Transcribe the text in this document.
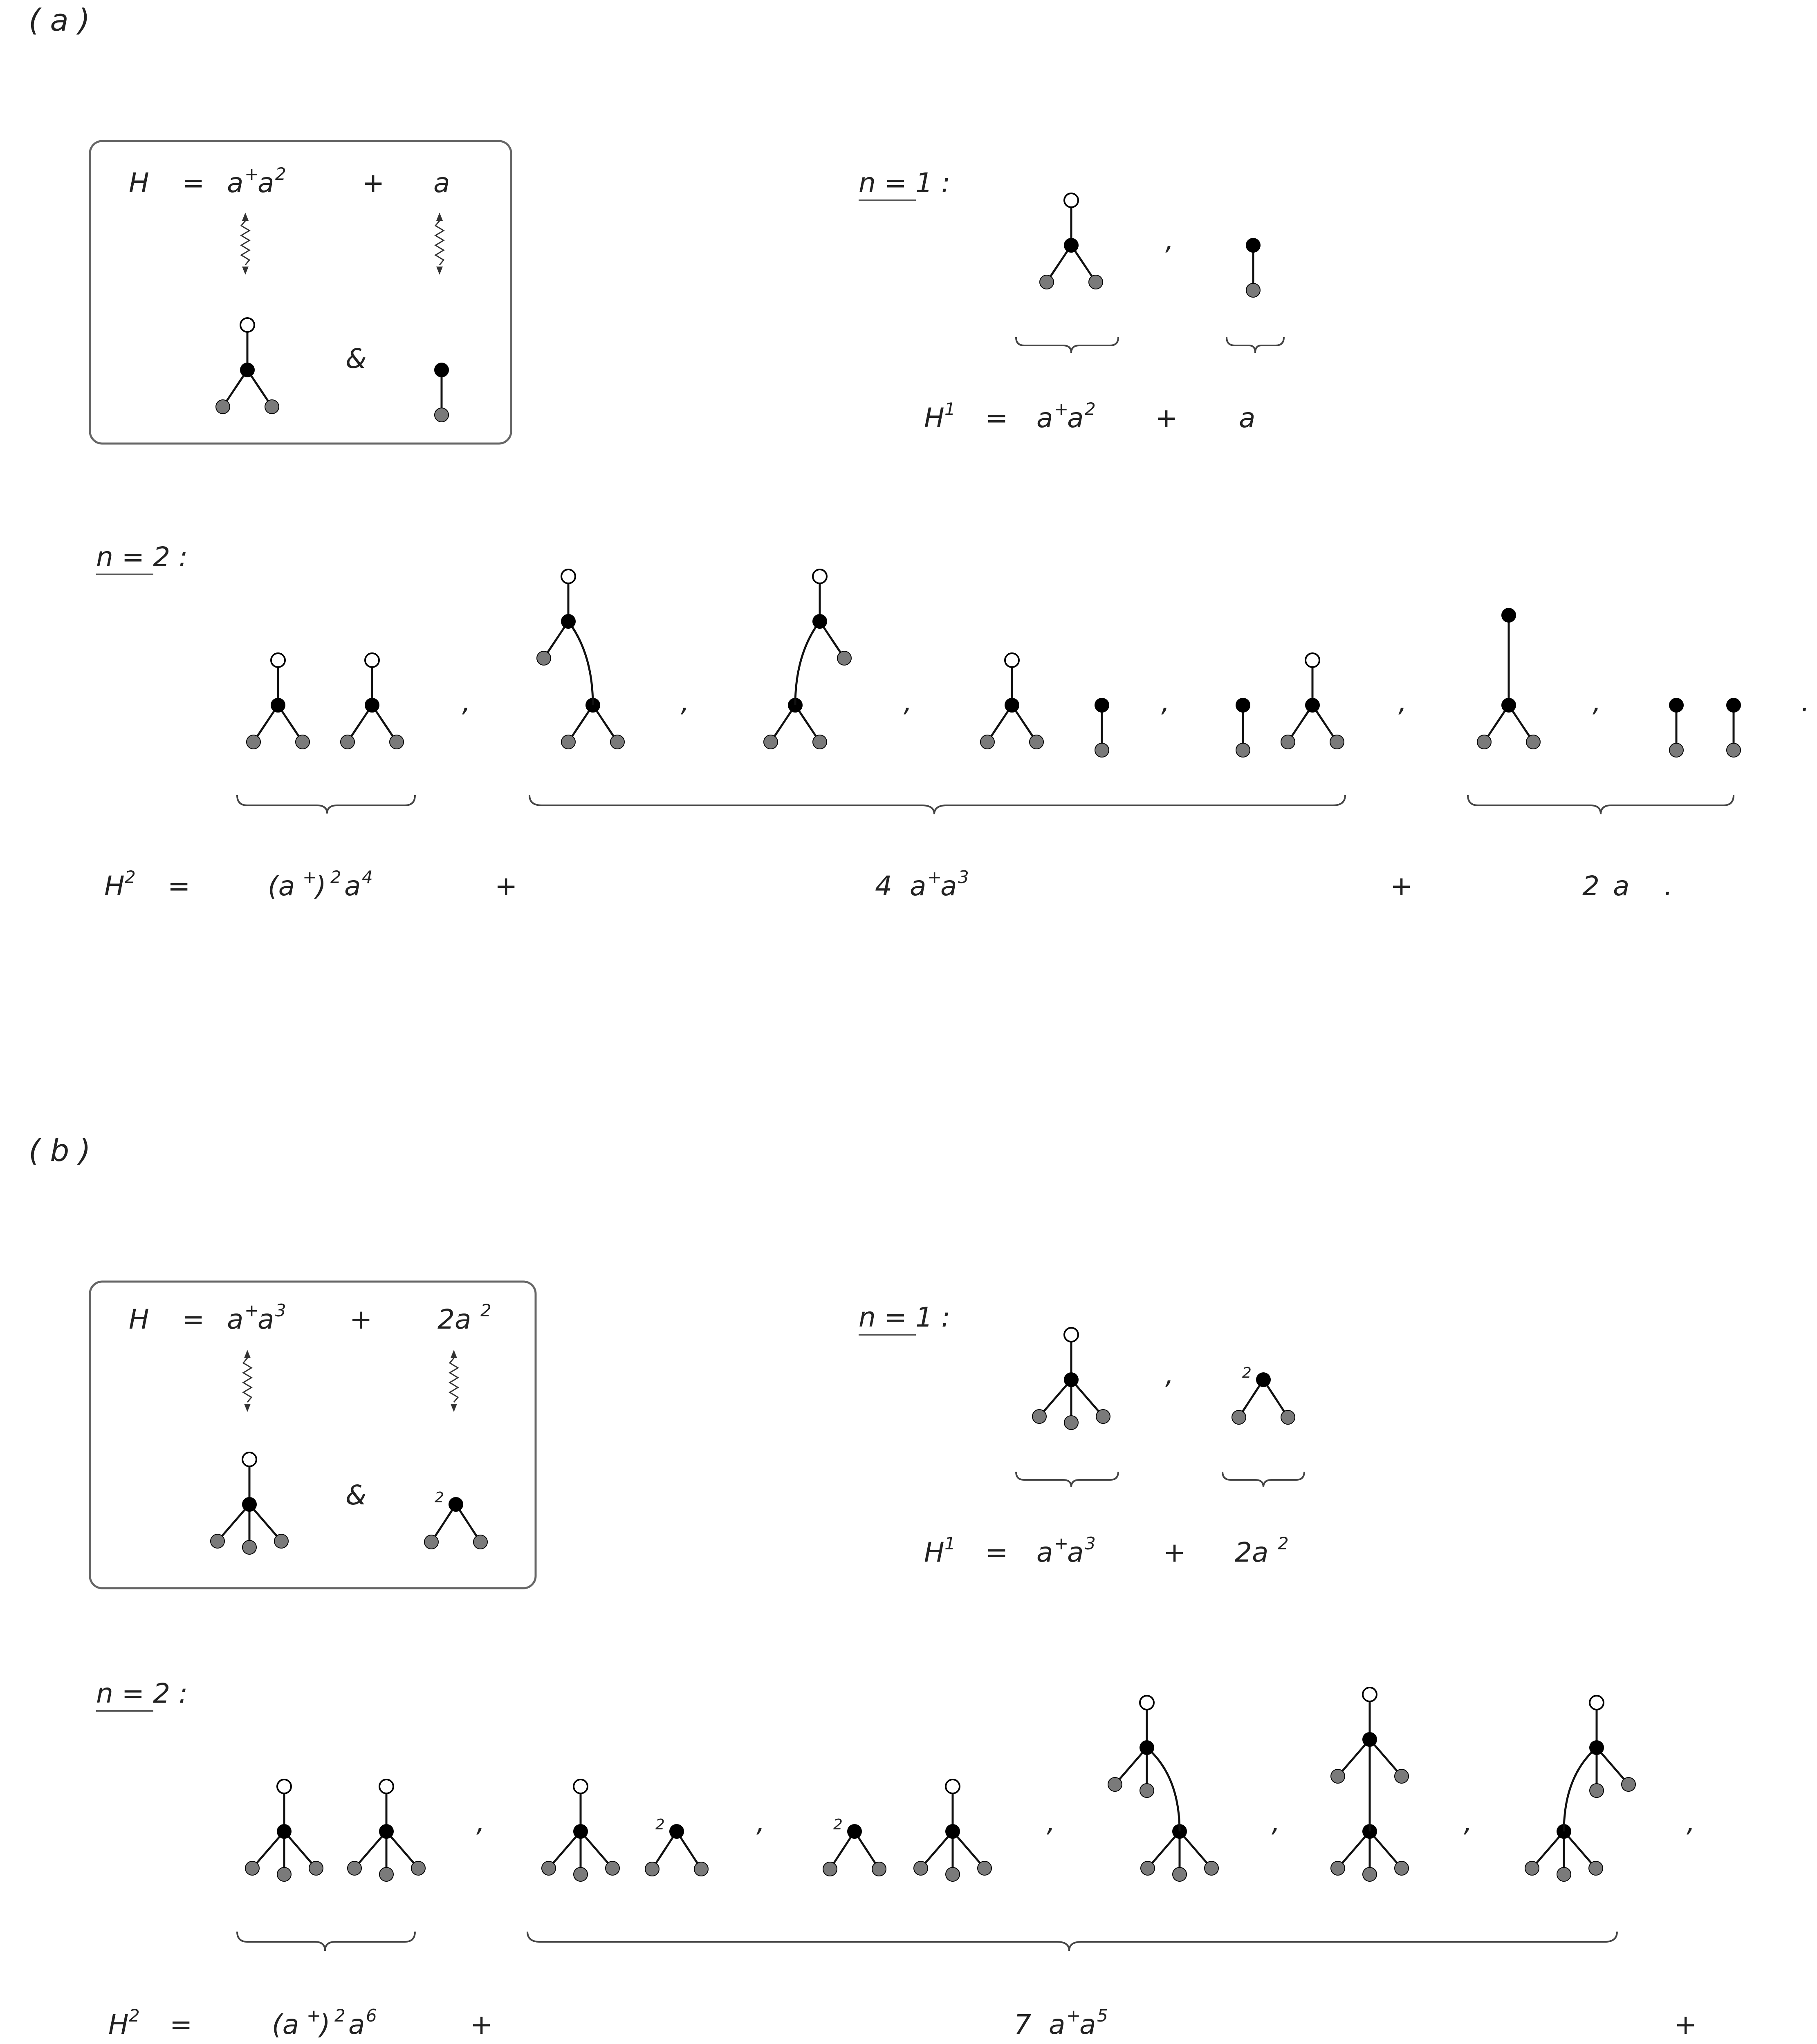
( a )
H = a +
a 2	+ a
&
n = 1 :
,
H 1 = a +
a 2 + a
n = 2 :
,	,	,	,	,	,	.
H 2 =	(a +
) 2 a 4	+	4 a +
a 3	+	2 a .
( b )
H = a +
a 3 + 2a 2
&	2
n = 1 :
2
,
H 1 = a +
a 3	+ 2a 2
n = 2 :
2	2
,	,	,	,	,	,
H 2 =	(a +
) 2 a 6	+	7 a +
a 5	+
